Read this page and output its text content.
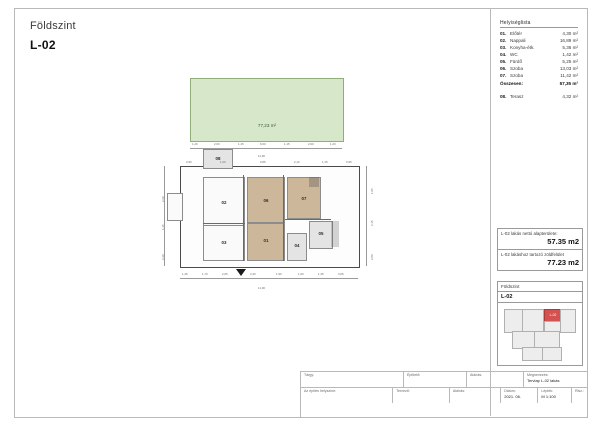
Földszint
L-02
Helyiséglista
01. Előtér	4,30 m²
02. Nappali	16,89 m²
03. Konyha-étk.	5,36 m²
04. WC	1,42 m²
05. Fürdő	5,25 m²
06. Szoba	13,03 m²
07. Szoba	11,42 m²
Összesen:	57,35 m²
08. Terasz	4,32 m²
L-02 lakás nettó alapterülete:
57.35 m2
L-02 lakáshoz tartozó zöldfelület
77.23 m2
Földszint
L-02
L-02
77,23 m²
1,20	2,60	1,15	6,60	1,15	2,60	1,20
11,90
08
02
03
06
01
07
04
05
2,60
1,15
2,20
1,05
2,15
2,80
1,45	1,70	2,05	3,40	1,90	1,60	1,35	3,05
11,90
0,90	1,00	0,85	2,10	1,15	0,95
Tárgy:	Építtető:	Aláírás:	Megnevezés:
Tervlap L-02 lakás
Az építés helyszíne:	Tervező:	Aláírás:	Dátum:
2021. 06.
Lépték:
M 1:100
Rlsz.:
